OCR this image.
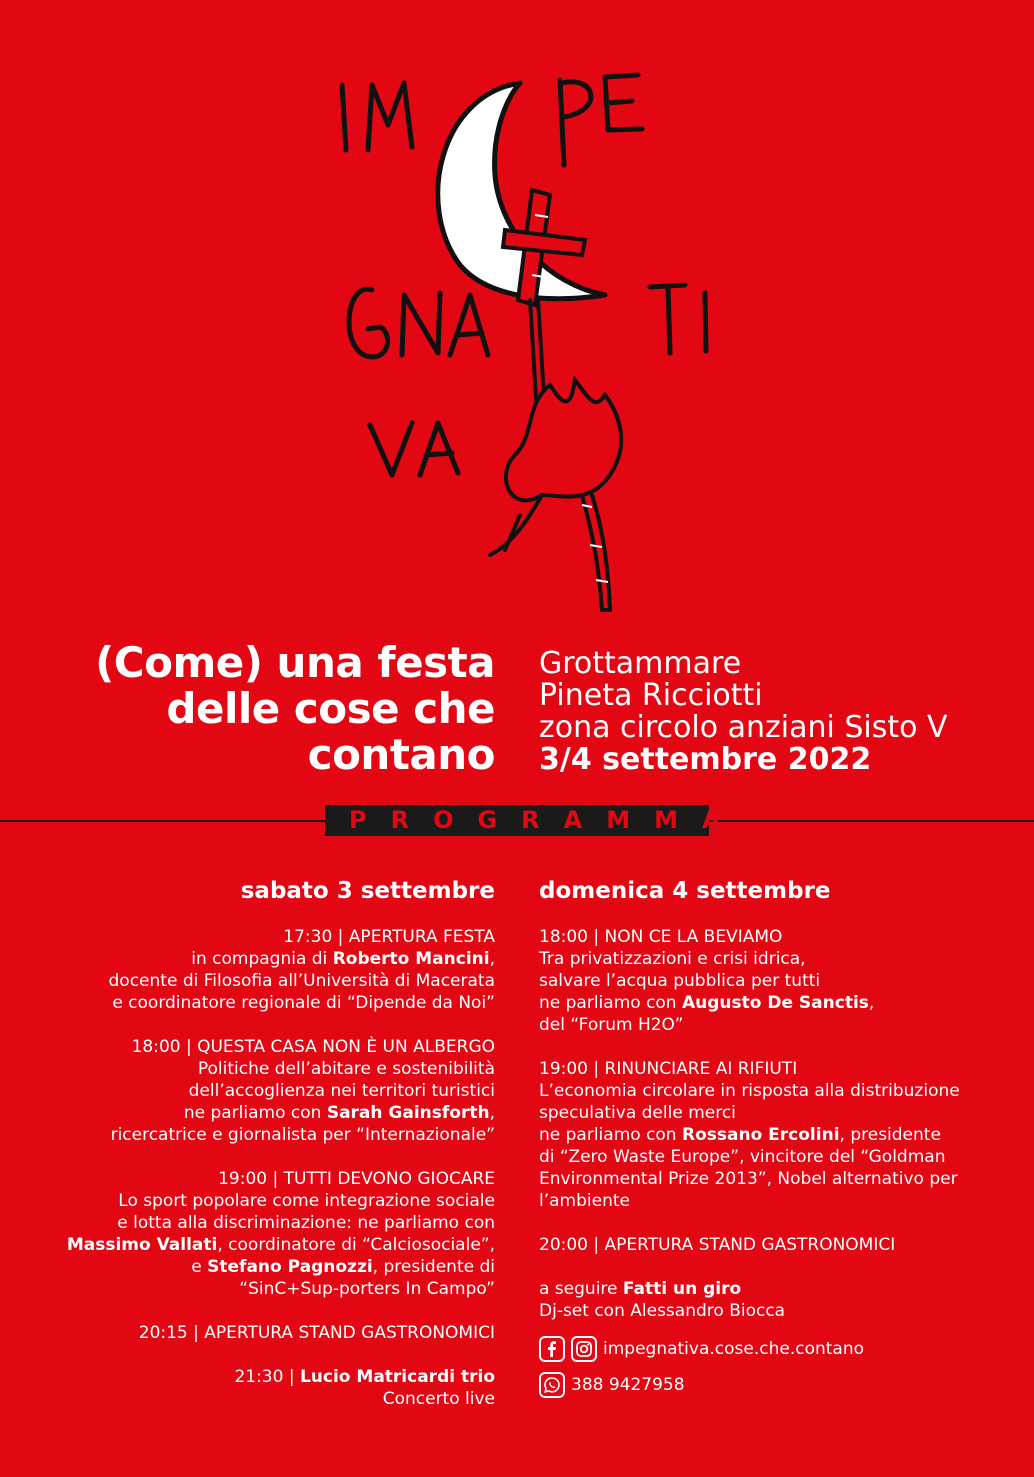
(Come) una festa
delle cose che
contano
Grottammare
Pineta Ricciotti
zona circolo anziani Sisto V
3/4 settembre 2022
PROGRAMMA
sabato 3 settembre
17:30 | APERTURA FESTA
in compagnia di Roberto Mancini,
docente di Filosofia all’Università di Macerata
e coordinatore regionale di “Dipende da Noi”
18:00 | QUESTA CASA NON È UN ALBERGO
Politiche dell’abitare e sostenibilità
dell’accoglienza nei territori turistici
ne parliamo con Sarah Gainsforth,
ricercatrice e giornalista per “Internazionale”
19:00 | TUTTI DEVONO GIOCARE
Lo sport popolare come integrazione sociale
e lotta alla discriminazione: ne parliamo con
Massimo Vallati, coordinatore di “Calciosociale”,
e Stefano Pagnozzi, presidente di
“SinC+Sup-porters In Campo”
20:15 | APERTURA STAND GASTRONOMICI
21:30 | Lucio Matricardi trio
Concerto live
domenica 4 settembre
18:00 | NON CE LA BEVIAMO
Tra privatizzazioni e crisi idrica,
salvare l’acqua pubblica per tutti
ne parliamo con Augusto De Sanctis,
del “Forum H2O”
19:00 | RINUNCIARE AI RIFIUTI
L’economia circolare in risposta alla distribuzione
speculativa delle merci
ne parliamo con Rossano Ercolini, presidente
di “Zero Waste Europe”, vincitore del “Goldman
Environmental Prize 2013”, Nobel alternativo per
l’ambiente
20:00 | APERTURA STAND GASTRONOMICI
a seguire Fatti un giro
Dj-set con Alessandro Biocca
impegnativa.cose.che.contano
388 9427958
